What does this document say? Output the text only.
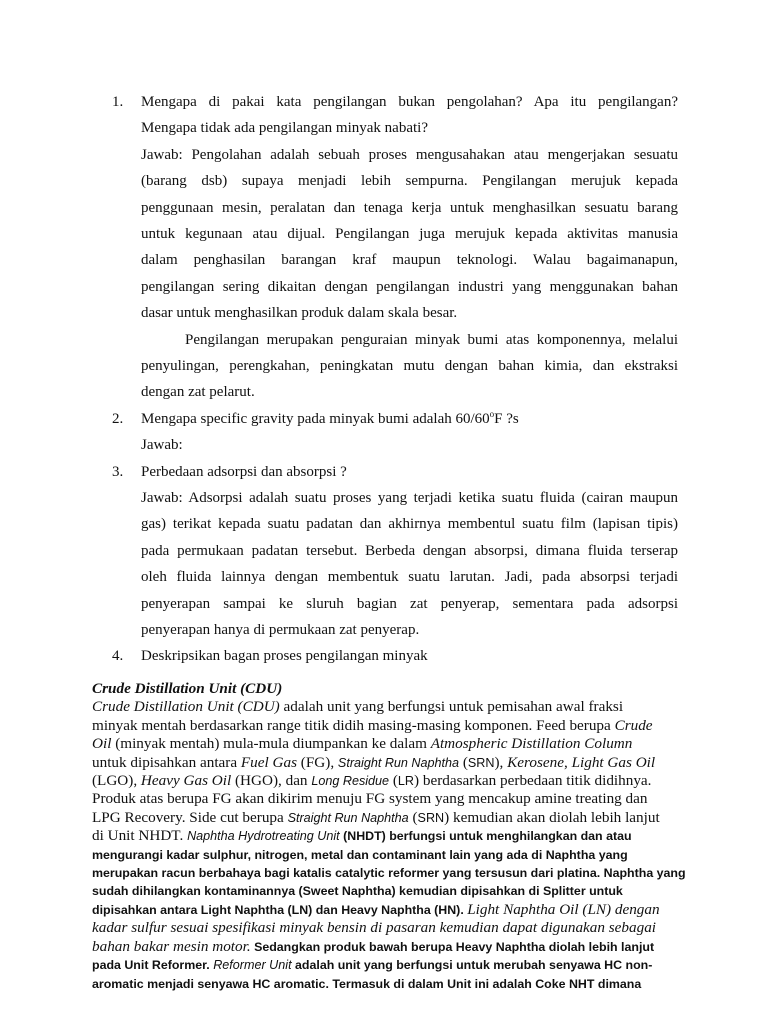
1. Mengapa di pakai kata pengilangan bukan pengolahan? Apa itu pengilangan?
Mengapa tidak ada pengilangan minyak nabati?
Jawab: Pengolahan adalah sebuah proses mengusahakan atau mengerjakan sesuatu
(barang dsb) supaya menjadi lebih sempurna. Pengilangan merujuk kepada
penggunaan mesin, peralatan dan tenaga kerja untuk menghasilkan sesuatu barang
untuk kegunaan atau dijual. Pengilangan juga merujuk kepada aktivitas manusia
dalam penghasilan barangan kraf maupun teknologi. Walau bagaimanapun,
pengilangan sering dikaitan dengan pengilangan industri yang menggunakan bahan
dasar untuk menghasilkan produk dalam skala besar.
Pengilangan merupakan penguraian minyak bumi atas komponennya, melalui
penyulingan, perengkahan, peningkatan mutu dengan bahan kimia, dan ekstraksi
dengan zat pelarut.
2. Mengapa specific gravity pada minyak bumi adalah 60/60$^o$F ?s
Jawab:
3. Perbedaan adsorpsi dan absorpsi ?
Jawab: Adsorpsi adalah suatu proses yang terjadi ketika suatu fluida (cairan maupun
gas) terikat kepada suatu padatan dan akhirnya membentul suatu film (lapisan tipis)
pada permukaan padatan tersebut. Berbeda dengan absorpsi, dimana fluida terserap
oleh fluida lainnya dengan membentuk suatu larutan. Jadi, pada absorpsi terjadi
penyerapan sampai ke sluruh bagian zat penyerap, sementara pada adsorpsi
penyerapan hanya di permukaan zat penyerap.
4. Deskripsikan bagan proses pengilangan minyak
Crude Distillation Unit (CDU)
Crude Distillation Unit (CDU) adalah unit yang berfungsi untuk pemisahan awal fraksi
minyak mentah berdasarkan range titik didih masing-masing komponen. Feed berupa Crude
Oil (minyak mentah) mula-mula diumpankan ke dalam Atmospheric Distillation Column
untuk dipisahkan antara Fuel Gas (FG), Straight Run Naphtha (SRN), Kerosene, Light Gas Oil
(LGO), Heavy Gas Oil (HGO), dan Long Residue (LR) berdasarkan perbedaan titik didihnya.
Produk atas berupa FG akan dikirim menuju FG system yang mencakup amine treating dan
LPG Recovery. Side cut berupa Straight Run Naphtha (SRN) kemudian akan diolah lebih lanjut
di Unit NHDT. Naphtha Hydrotreating Unit (NHDT) berfungsi untuk menghilangkan dan atau
mengurangi kadar sulphur, nitrogen, metal dan contaminant lain yang ada di Naphtha yang
merupakan racun berbahaya bagi katalis catalytic reformer yang tersusun dari platina. Naphtha yang
sudah dihilangkan kontaminannya (Sweet Naphtha) kemudian dipisahkan di Splitter untuk
dipisahkan antara Light Naphtha (LN) dan Heavy Naphtha (HN). Light Naphtha Oil (LN) dengan
kadar sulfur sesuai spesifikasi minyak bensin di pasaran kemudian dapat digunakan sebagai
bahan bakar mesin motor. Sedangkan produk bawah berupa Heavy Naphtha diolah lebih lanjut
pada Unit Reformer. Reformer Unit adalah unit yang berfungsi untuk merubah senyawa HC non-
aromatic menjadi senyawa HC aromatic. Termasuk di dalam Unit ini adalah Coke NHT dimana
